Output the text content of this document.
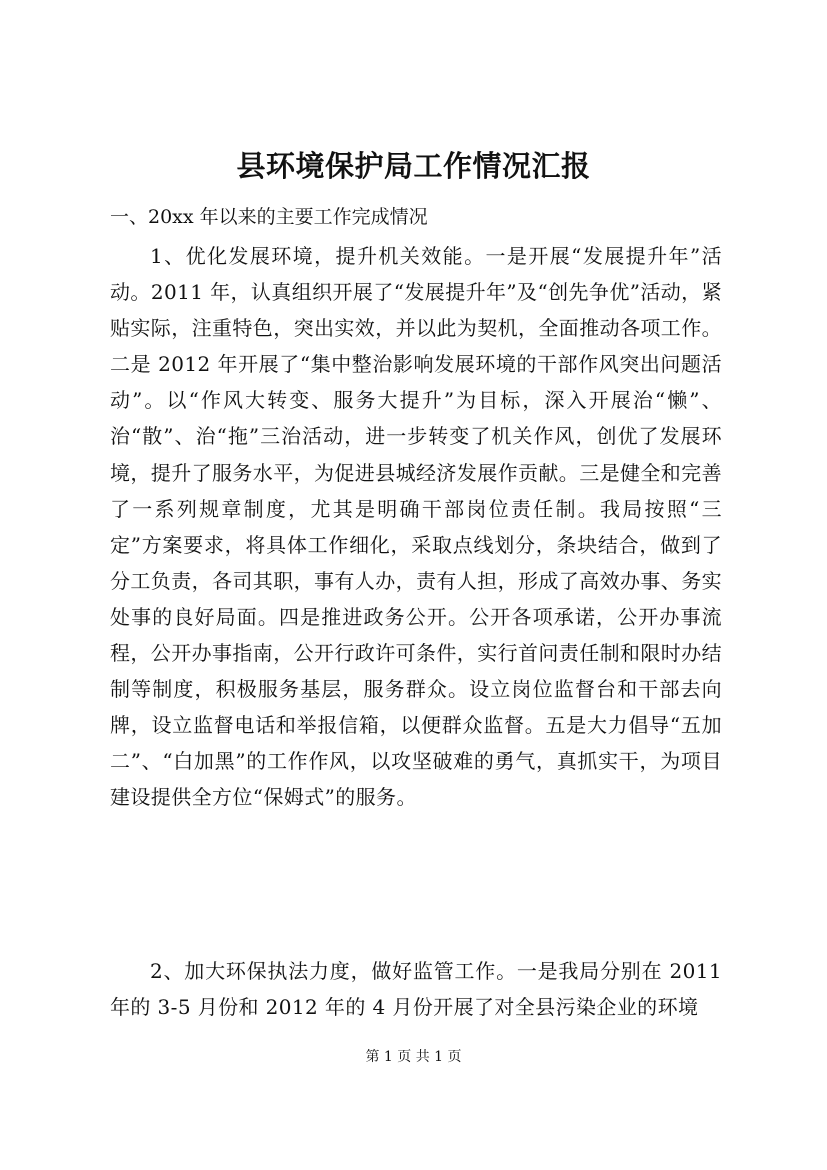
县环境保护局工作情况汇报

一、20xx 年以来的主要工作完成情况

1、优化发展环境，提升机关效能。一是开展“发展提升年”活动。2011 年，认真组织开展了“发展提升年”及“创先争优”活动，紧贴实际，注重特色，突出实效，并以此为契机，全面推动各项工作。二是 2012 年开展了“集中整治影响发展环境的干部作风突出问题活动”。以“作风大转变、服务大提升”为目标，深入开展治“懒”、治“散”、治“拖”三治活动，进一步转变了机关作风，创优了发展环境，提升了服务水平，为促进县城经济发展作贡献。三是健全和完善了一系列规章制度，尤其是明确干部岗位责任制。我局按照“三定”方案要求，将具体工作细化，采取点线划分，条块结合，做到了分工负责，各司其职，事有人办，责有人担，形成了高效办事、务实处事的良好局面。四是推进政务公开。公开各项承诺，公开办事流程，公开办事指南，公开行政许可条件，实行首问责任制和限时办结制等制度，积极服务基层，服务群众。设立岗位监督台和干部去向牌，设立监督电话和举报信箱，以便群众监督。五是大力倡导“五加二”、“白加黑”的工作作风，以攻坚破难的勇气，真抓实干，为项目建设提供全方位“保姆式”的服务。

2、加大环保执法力度，做好监管工作。一是我局分别在 2011 年的 3-5 月份和 2012 年的 4 月份开展了对全县污染企业的环境

第 1 页 共 1 页
